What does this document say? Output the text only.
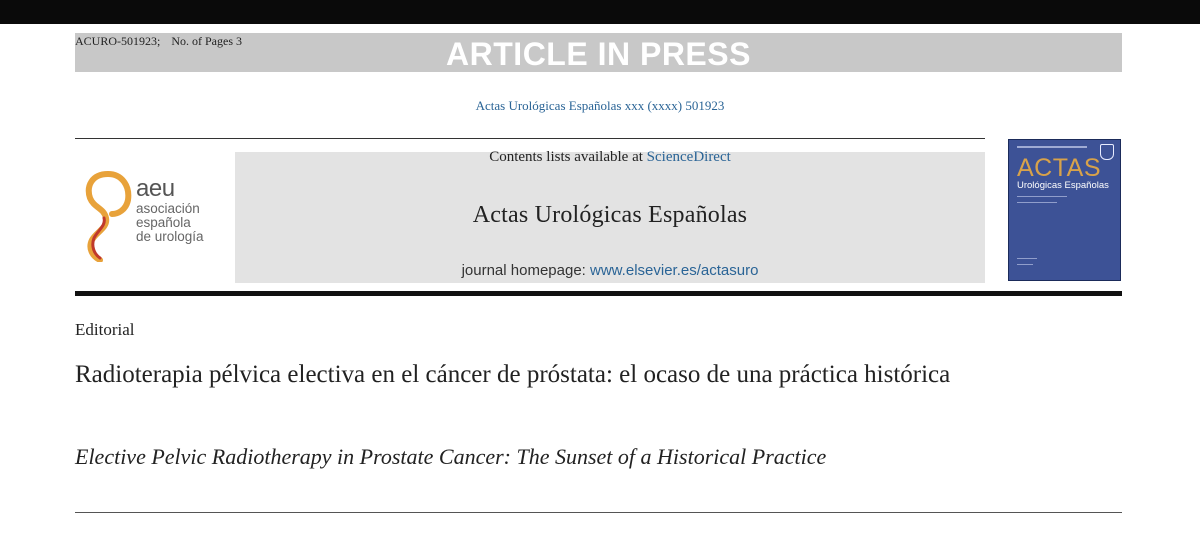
ARTICLE IN PRESS
ACURO-501923; No. of Pages 3
Actas Urológicas Españolas xxx (xxxx) 501923
aeu
asociación
española
de urología
Contents lists available at ScienceDirect
Actas Urológicas Españolas
journal homepage: www.elsevier.es/actasuro
ACTAS
Urológicas Españolas
Editorial
Radioterapia pélvica electiva en el cáncer de próstata: el ocaso de una práctica histórica
Elective Pelvic Radiotherapy in Prostate Cancer: The Sunset of a Historical Practice
